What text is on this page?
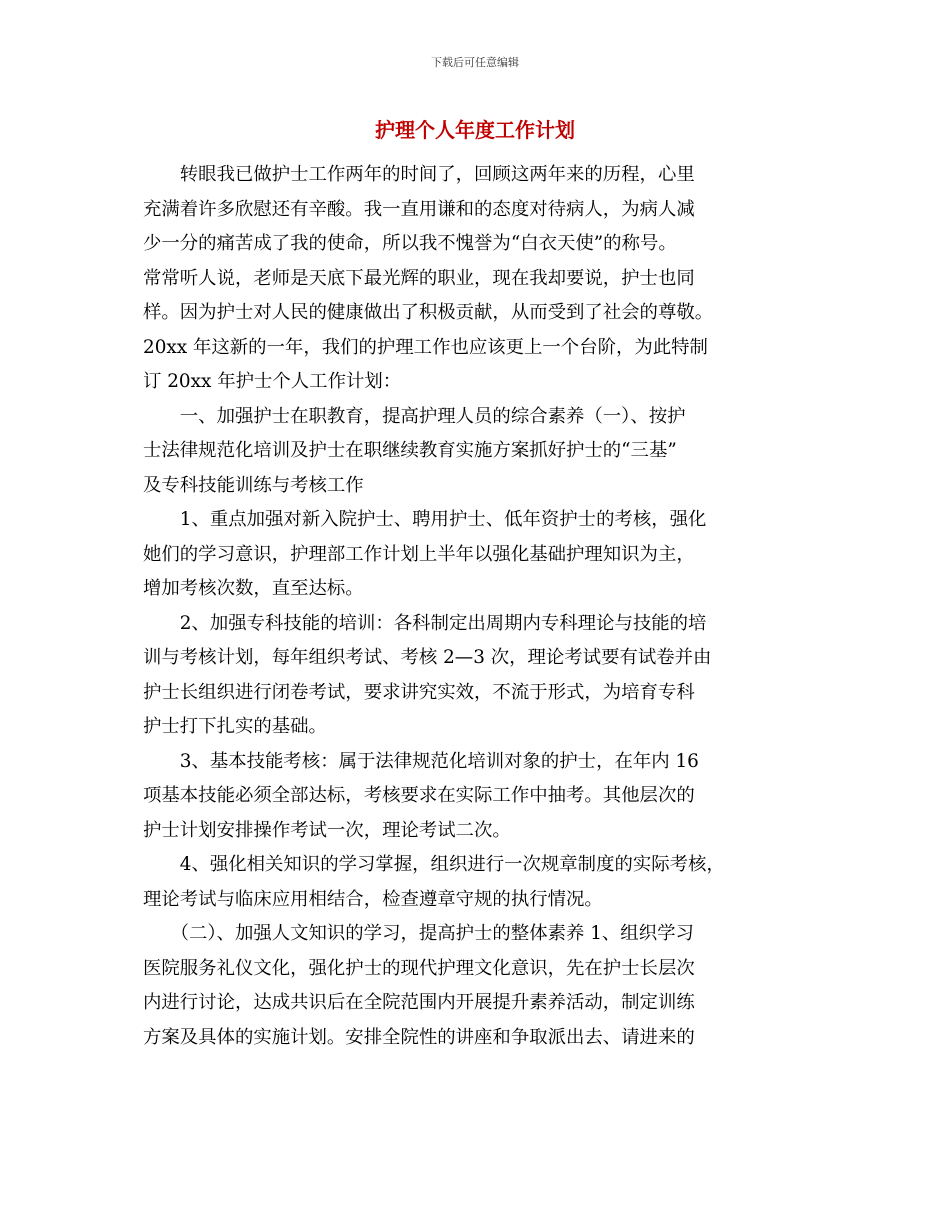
下载后可任意编辑
护理个人年度工作计划
　　转眼我已做护士工作两年的时间了，回顾这两年来的历程，心里
充满着许多欣慰还有辛酸。我一直用谦和的态度对待病人，为病人减
少一分的痛苦成了我的使命，所以我不愧誉为“白衣天使”的称号。
常常听人说，老师是天底下最光辉的职业，现在我却要说，护士也同
样。因为护士对人民的健康做出了积极贡献，从而受到了社会的尊敬。
20xx 年这新的一年，我们的护理工作也应该更上一个台阶，为此特制
订 20xx 年护士个人工作计划：
　　一、加强护士在职教育，提高护理人员的综合素养（一）、按护
士法律规范化培训及护士在职继续教育实施方案抓好护士的“三基”
及专科技能训练与考核工作
　　1、重点加强对新入院护士、聘用护士、低年资护士的考核，强化
她们的学习意识，护理部工作计划上半年以强化基础护理知识为主，
增加考核次数，直至达标。
　　2、加强专科技能的培训：各科制定出周期内专科理论与技能的培
训与考核计划，每年组织考试、考核 2—3 次，理论考试要有试卷并由
护士长组织进行闭卷考试，要求讲究实效，不流于形式，为培育专科
护士打下扎实的基础。
　　3、基本技能考核：属于法律规范化培训对象的护士，在年内 16
项基本技能必须全部达标，考核要求在实际工作中抽考。其他层次的
护士计划安排操作考试一次，理论考试二次。
　　4、强化相关知识的学习掌握，组织进行一次规章制度的实际考核，
理论考试与临床应用相结合，检查遵章守规的执行情况。
　　（二）、加强人文知识的学习，提高护士的整体素养 1、组织学习
医院服务礼仪文化，强化护士的现代护理文化意识，先在护士长层次
内进行讨论，达成共识后在全院范围内开展提升素养活动，制定训练
方案及具体的实施计划。安排全院性的讲座和争取派出去、请进来的
